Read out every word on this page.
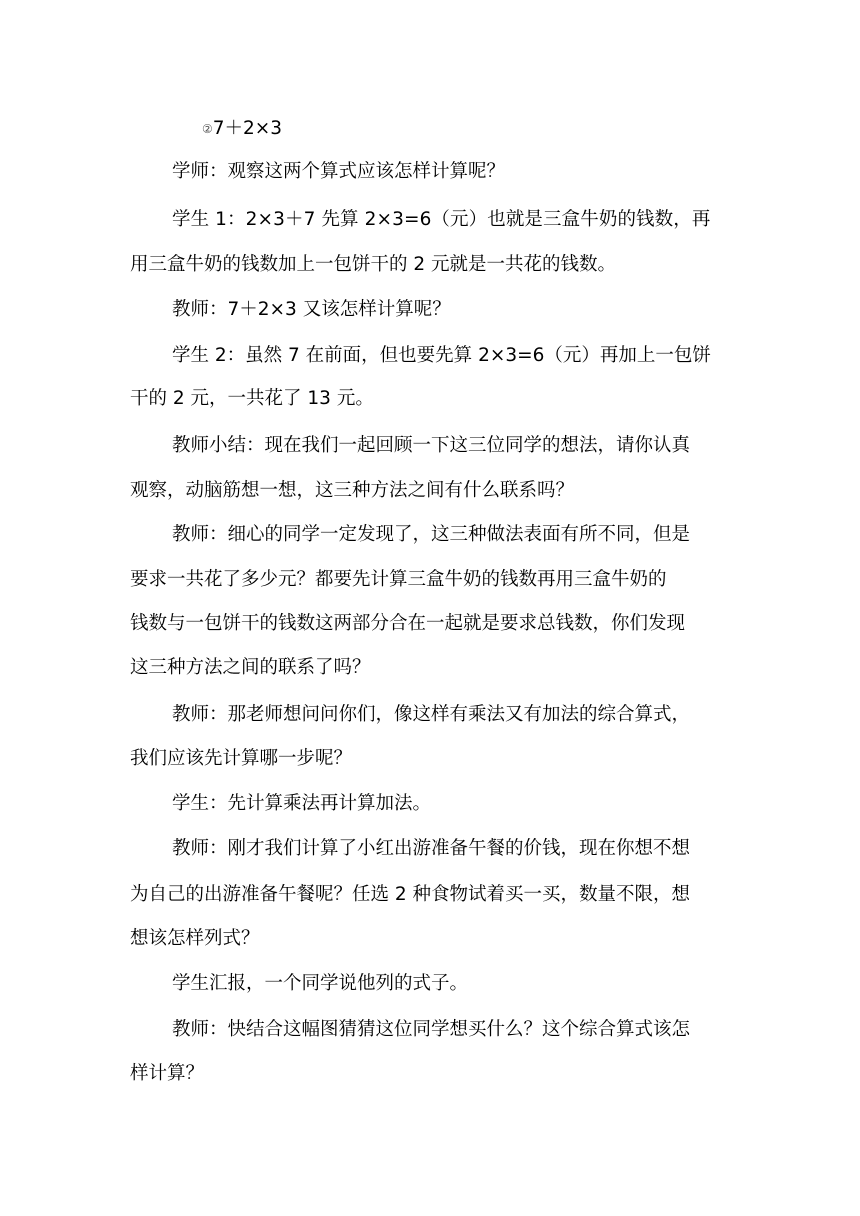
②7＋2×3
学师：观察这两个算式应该怎样计算呢？
学生 1：2×3＋7 先算 2×3=6（元）也就是三盒牛奶的钱数，再
用三盒牛奶的钱数加上一包饼干的 2 元就是一共花的钱数。
教师：7＋2×3 又该怎样计算呢？
学生 2：虽然 7 在前面，但也要先算 2×3=6（元）再加上一包饼
干的 2 元，一共花了 13 元。
教师小结：现在我们一起回顾一下这三位同学的想法，请你认真
观察，动脑筋想一想，这三种方法之间有什么联系吗？
教师：细心的同学一定发现了，这三种做法表面有所不同，但是
要求一共花了多少元？都要先计算三盒牛奶的钱数再用三盒牛奶的
钱数与一包饼干的钱数这两部分合在一起就是要求总钱数，你们发现
这三种方法之间的联系了吗？
教师：那老师想问问你们，像这样有乘法又有加法的综合算式，
我们应该先计算哪一步呢？
学生：先计算乘法再计算加法。
教师：刚才我们计算了小红出游准备午餐的价钱，现在你想不想
为自己的出游准备午餐呢？任选 2 种食物试着买一买，数量不限，想
想该怎样列式？
学生汇报，一个同学说他列的式子。
教师：快结合这幅图猜猜这位同学想买什么？这个综合算式该怎
样计算？
